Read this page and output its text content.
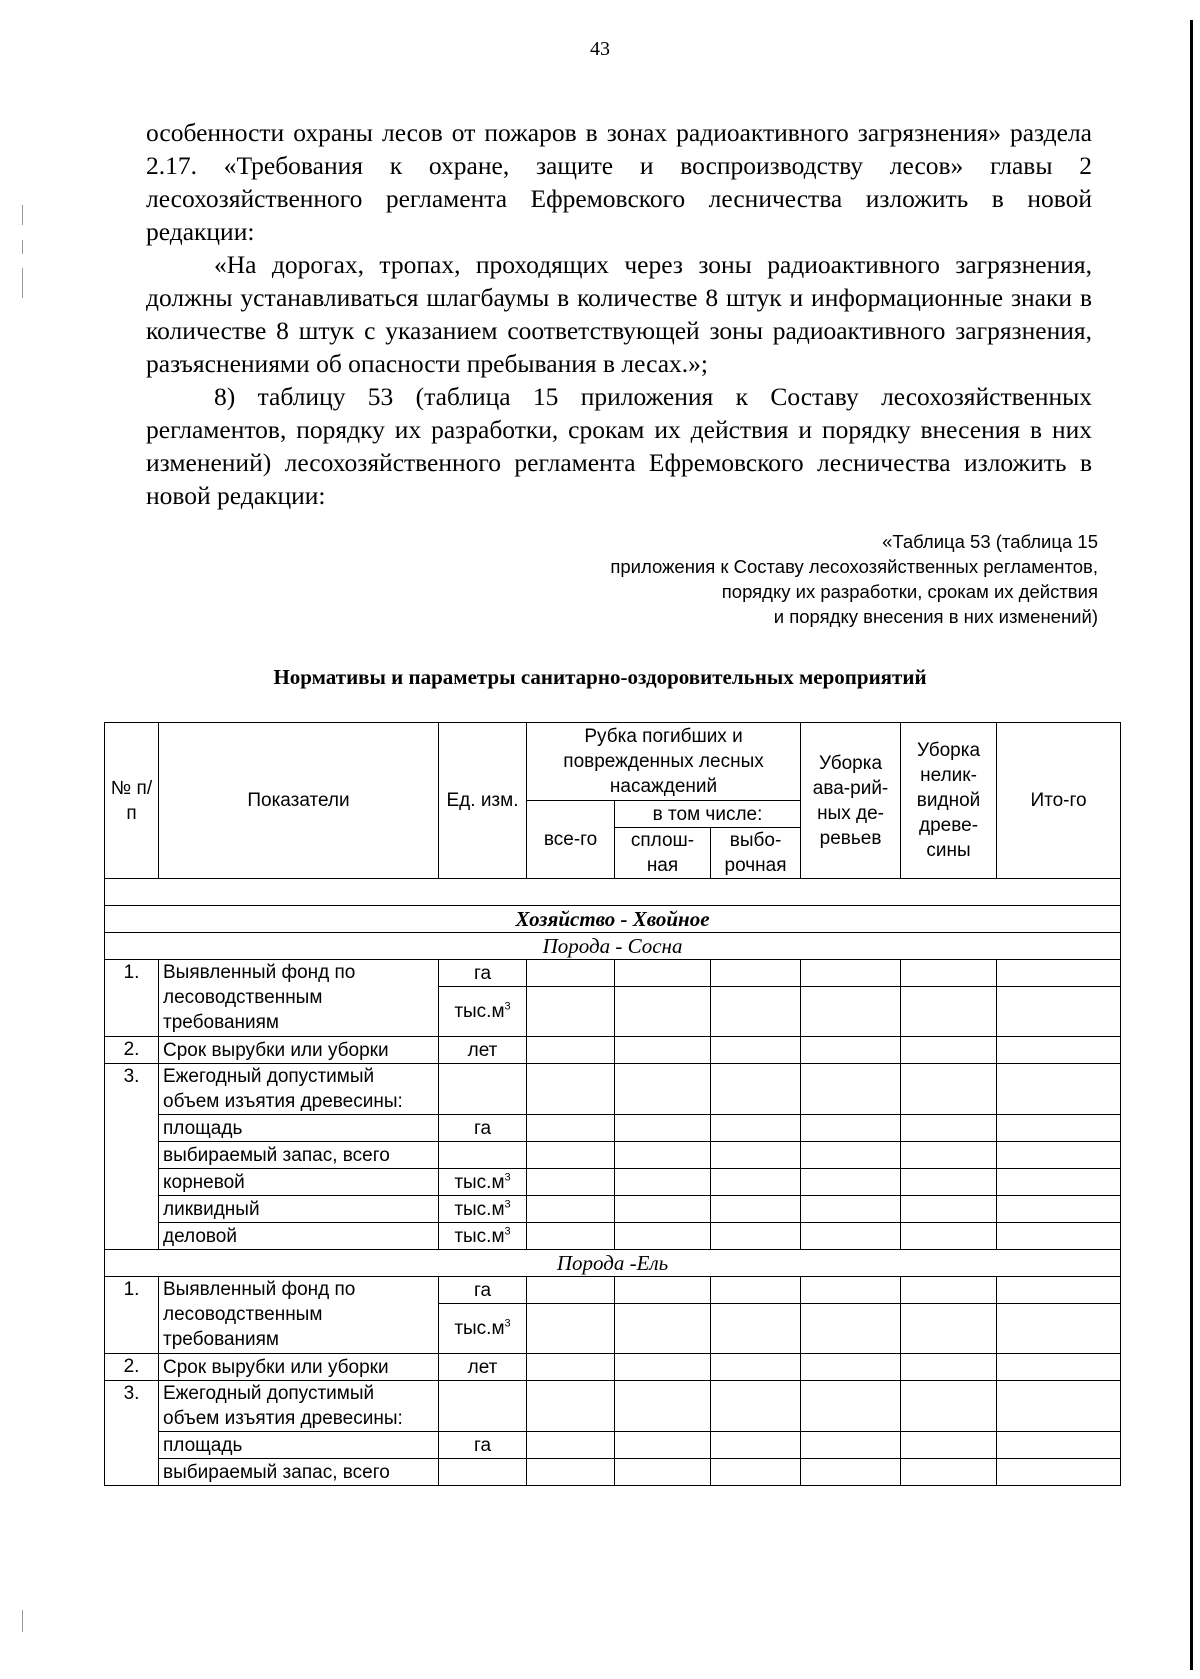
43

особенности охраны лесов от пожаров в зонах радиоактивного загрязнения» раздела 2.17. «Требования к охране, защите и воспроизводству лесов» главы 2 лесохозяйственного регламента Ефремовского лесничества изложить в новой редакции:

«На дорогах, тропах, проходящих через зоны радиоактивного загрязнения, должны устанавливаться шлагбаумы в количестве 8 штук и информационные знаки в количестве 8 штук с указанием соответствующей зоны радиоактивного загрязнения, разъяснениями об опасности пребывания в лесах.»;

8) таблицу 53 (таблица 15 приложения к Составу лесохозяйственных регламентов, порядку их разработки, срокам их действия и порядку внесения в них изменений) лесохозяйственного регламента Ефремовского лесничества изложить в новой редакции:

«Таблица 53 (таблица 15
приложения к Составу лесохозяйственных регламентов,
порядку их разработки, срокам их действия
и порядку внесения в них изменений)
Нормативы и параметры санитарно-оздоровительных мероприятий
№ п/п	Показатели	Ед. изм.	Рубка погибших и поврежденных лесных насаждений			Уборка ава-рий-ных де-ревьев	Уборка нелик-видной древе-сины	Ито-го
			все-го	в том числе:				
				сплош-ная	выбо-рочная			

Хозяйство - Хвойное								
Порода - Сосна								
1.	Выявленный фонд по лесоводственным требованиям	га						
		$тыс.м^3$						
2.	Срок вырубки или уборки	лет						
3.	Ежегодный допустимый объем изъятия древесины:							
	площадь	га						
	выбираемый запас, всего							
	корневой	$тыс.м^3$						
	ликвидный	$тыс.м^3$						
	деловой	$тыс.м^3$						
Порода -Ель								
1.	Выявленный фонд по лесоводственным требованиям	га						
		$тыс.м^3$						
2.	Срок вырубки или уборки	лет						
3.	Ежегодный допустимый объем изъятия древесины:							
	площадь	га						
	выбираемый запас, всего							
